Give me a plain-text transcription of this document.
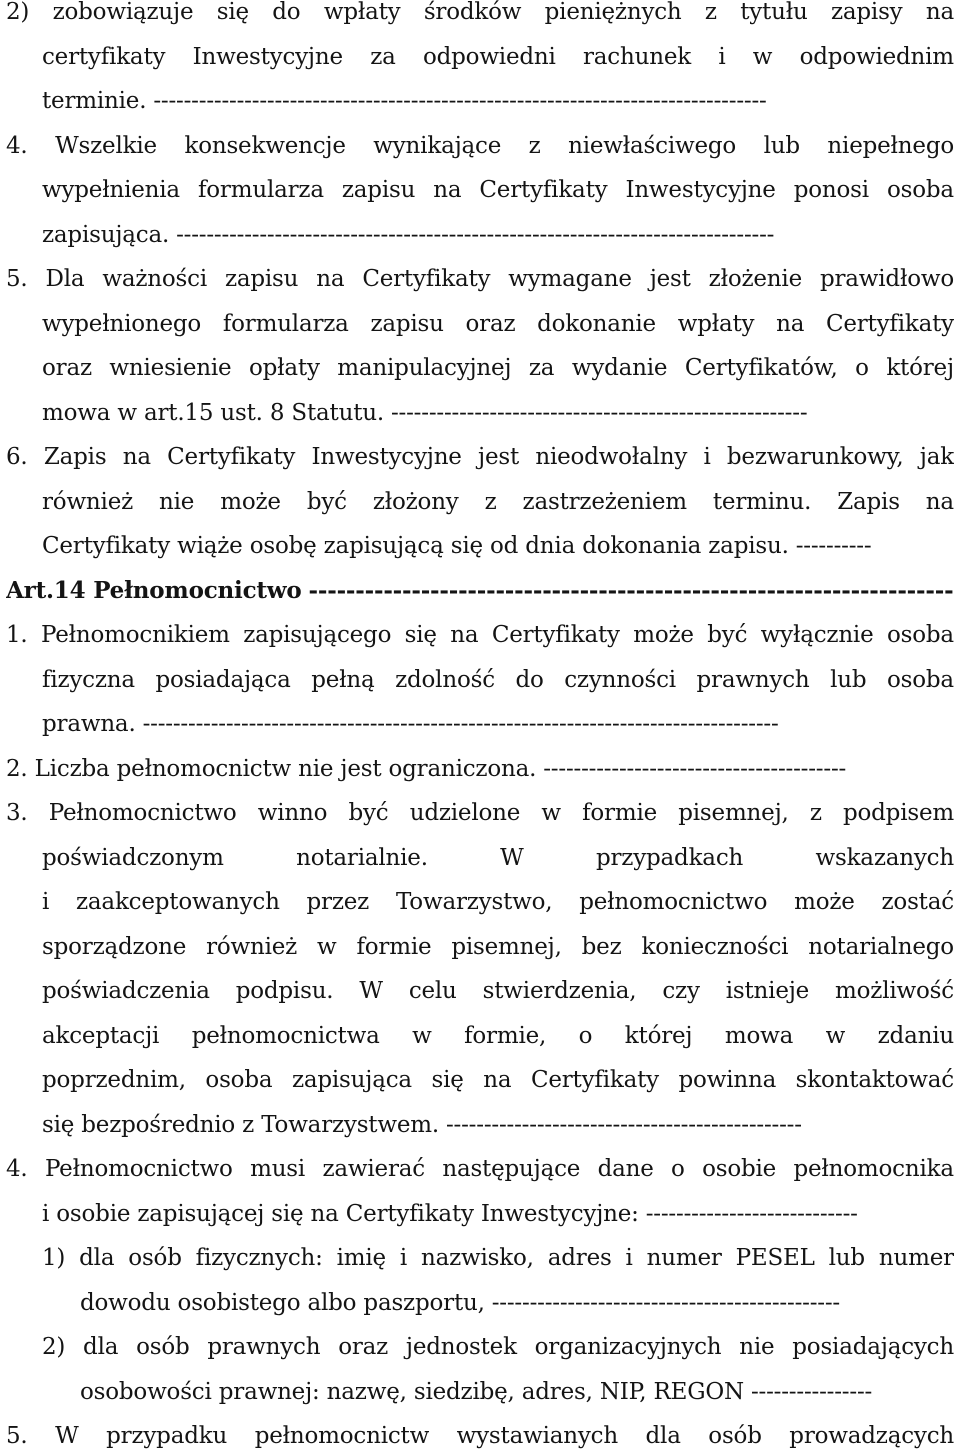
2) zobowiązuje się do wpłaty środków pieniężnych z tytułu zapisy na
certyfikaty Inwestycyjne za odpowiedni rachunek i w odpowiednim
terminie. ---------------------------------------------------------------------------------
4. Wszelkie konsekwencje wynikające z niewłaściwego lub niepełnego
wypełnienia formularza zapisu na Certyfikaty Inwestycyjne ponosi osoba
zapisująca. -------------------------------------------------------------------------------
5. Dla ważności zapisu na Certyfikaty wymagane jest złożenie prawidłowo
wypełnionego formularza zapisu oraz dokonanie wpłaty na Certyfikaty
oraz wniesienie opłaty manipulacyjnej za wydanie Certyfikatów, o której
mowa w art.15 ust. 8 Statutu. -------------------------------------------------------
6. Zapis na Certyfikaty Inwestycyjne jest nieodwołalny i bezwarunkowy, jak
również nie może być złożony z zastrzeżeniem terminu. Zapis na
Certyfikaty wiąże osobę zapisującą się od dnia dokonania zapisu. ----------
Art.14 Pełnomocnictwo ---------------------------------------------------------------------
1. Pełnomocnikiem zapisującego się na Certyfikaty może być wyłącznie osoba
fizyczna posiadająca pełną zdolność do czynności prawnych lub osoba
prawna. ------------------------------------------------------------------------------------
2. Liczba pełnomocnictw nie jest ograniczona. ----------------------------------------
3. Pełnomocnictwo winno być udzielone w formie pisemnej, z podpisem
poświadczonym	notarialnie.	W	przypadkach	wskazanych
i zaakceptowanych przez Towarzystwo, pełnomocnictwo może zostać
sporządzone również w formie pisemnej, bez konieczności notarialnego
poświadczenia podpisu. W celu stwierdzenia, czy istnieje możliwość
akceptacji pełnomocnictwa w formie, o której mowa w zdaniu
poprzednim, osoba zapisująca się na Certyfikaty powinna skontaktować
się bezpośrednio z Towarzystwem. -----------------------------------------------
4. Pełnomocnictwo musi zawierać następujące dane o osobie pełnomocnika
i osobie zapisującej się na Certyfikaty Inwestycyjne: ----------------------------
1) dla osób fizycznych: imię i nazwisko, adres i numer PESEL lub numer
dowodu osobistego albo paszportu, ----------------------------------------------
2) dla osób prawnych oraz jednostek organizacyjnych nie posiadających
osobowości prawnej: nazwę, siedzibę, adres, NIP, REGON ----------------
5. W przypadku pełnomocnictw wystawianych dla osób prowadzących
